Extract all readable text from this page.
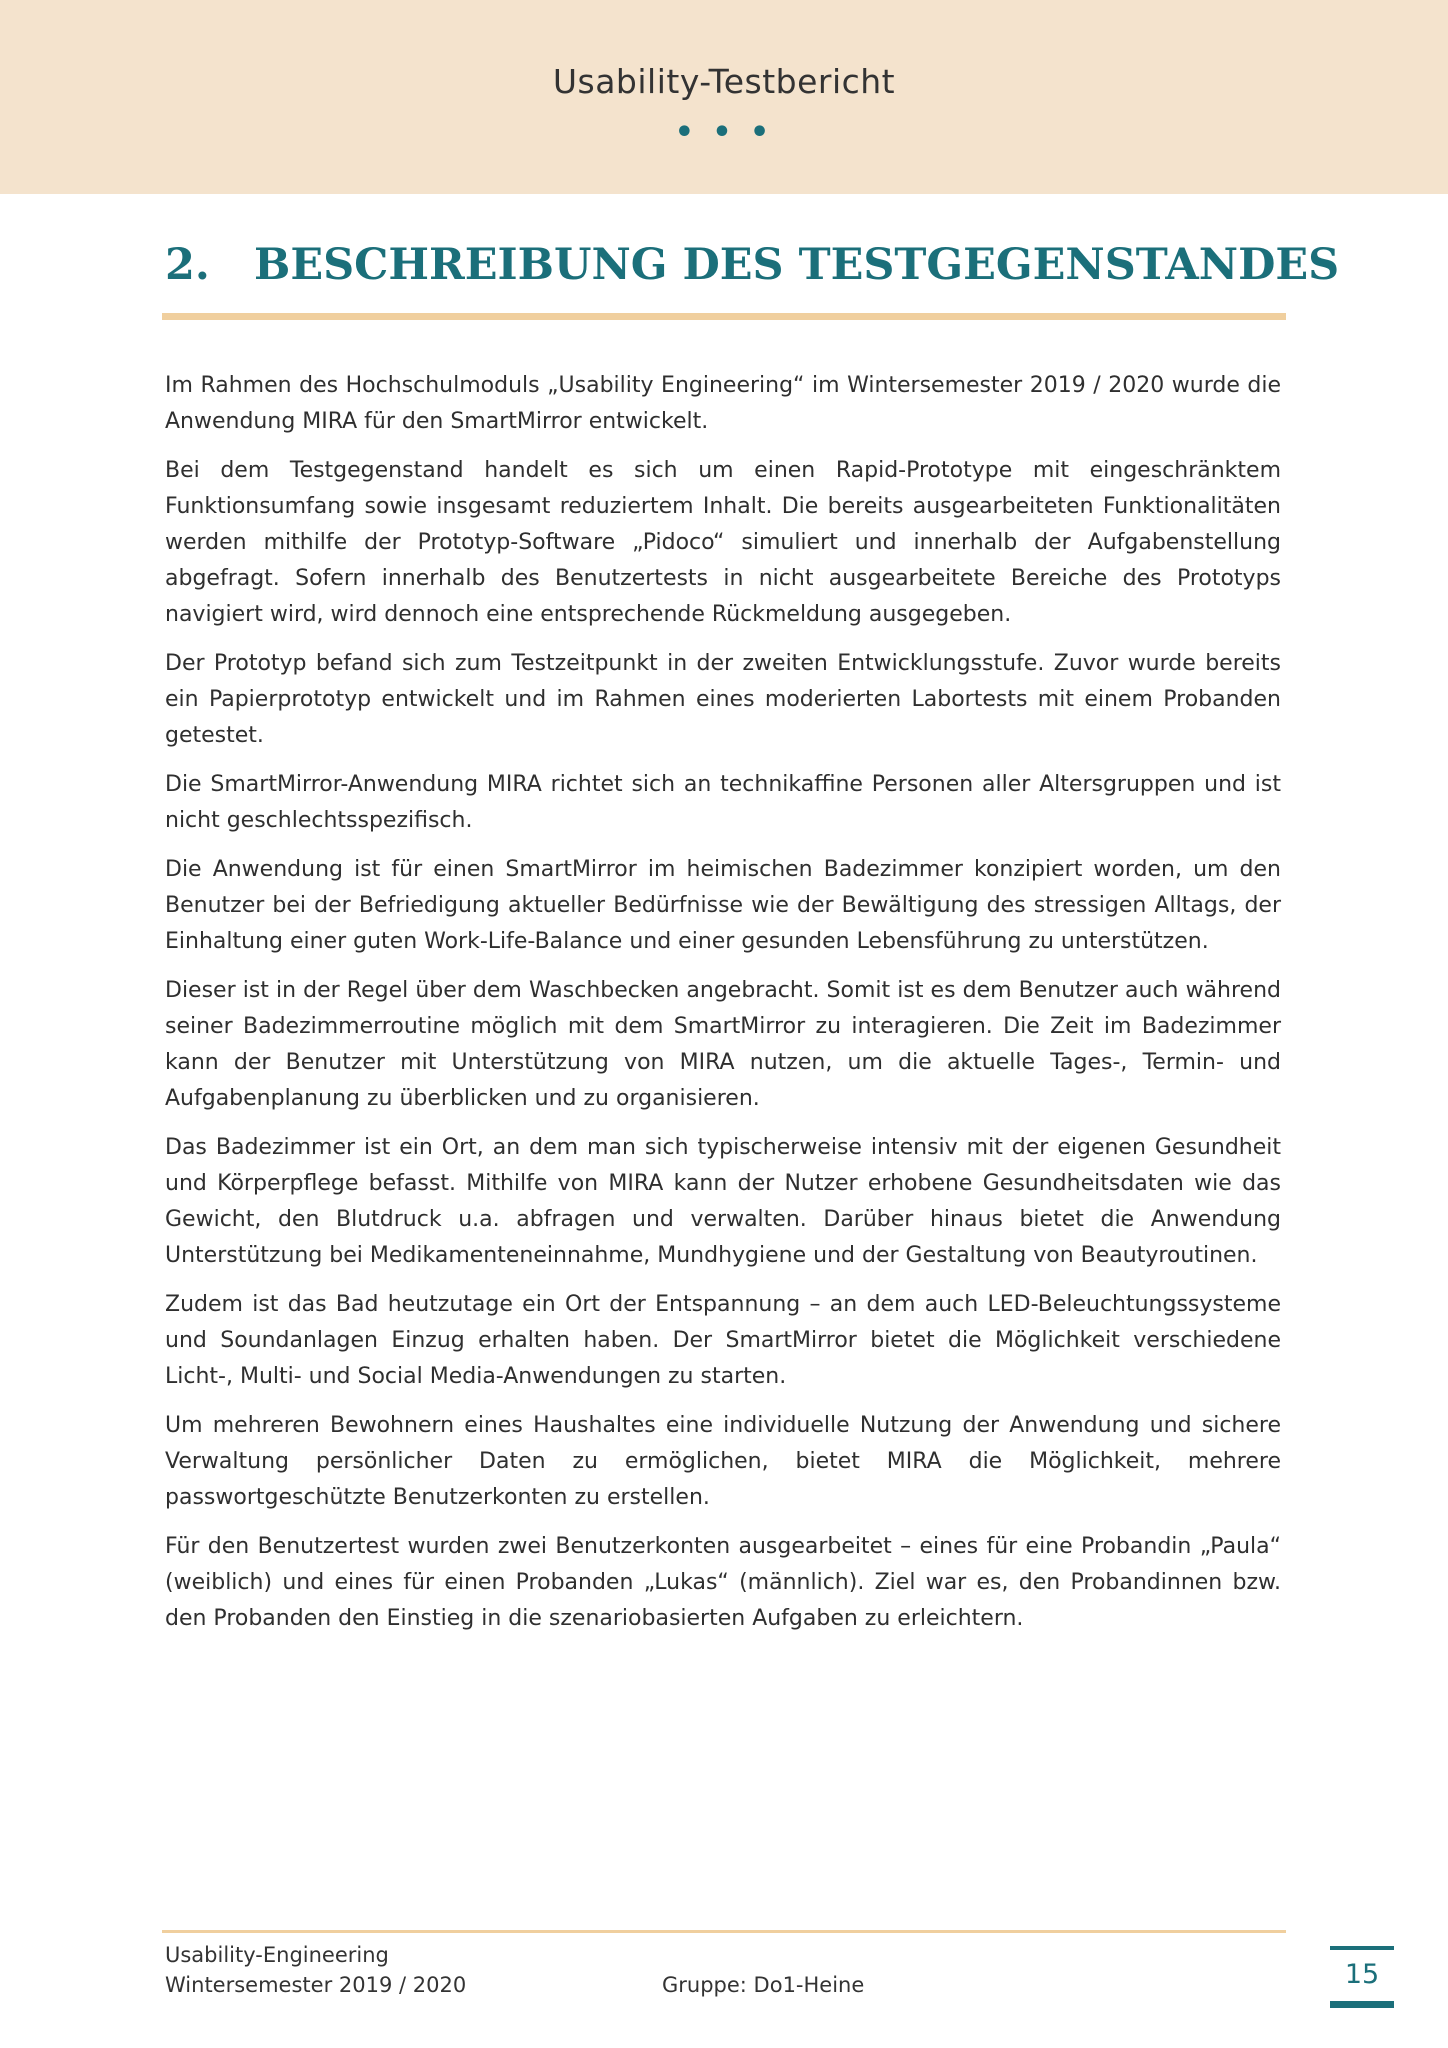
Usability-Testbericht
• • •
2. BESCHREIBUNG DES TESTGEGENSTANDES

Im Rahmen des Hochschulmoduls „Usability Engineering“ im Wintersemester 2019 / 2020 wurde die Anwendung MIRA für den SmartMirror entwickelt.

Bei dem Testgegenstand handelt es sich um einen Rapid-Prototype mit eingeschränktem Funktionsumfang sowie insgesamt reduziertem Inhalt. Die bereits ausgearbeiteten Funktionalitäten werden mithilfe der Prototyp-Software „Pidoco“ simuliert und innerhalb der Aufgabenstellung abgefragt. Sofern innerhalb des Benutzertests in nicht ausgearbeitete Bereiche des Prototyps navigiert wird, wird dennoch eine entsprechende Rückmeldung ausgegeben.

Der Prototyp befand sich zum Testzeitpunkt in der zweiten Entwicklungsstufe. Zuvor wurde bereits ein Papierprototyp entwickelt und im Rahmen eines moderierten Labortests mit einem Probanden getestet.

Die SmartMirror-Anwendung MIRA richtet sich an technikaffine Personen aller Altersgruppen und ist nicht geschlechtsspezifisch.

Die Anwendung ist für einen SmartMirror im heimischen Badezimmer konzipiert worden, um den Benutzer bei der Befriedigung aktueller Bedürfnisse wie der Bewältigung des stressigen Alltags, der Einhaltung einer guten Work-Life-Balance und einer gesunden Lebensführung zu unterstützen.

Dieser ist in der Regel über dem Waschbecken angebracht. Somit ist es dem Benutzer auch während seiner Badezimmerroutine möglich mit dem SmartMirror zu interagieren. Die Zeit im Badezimmer kann der Benutzer mit Unterstützung von MIRA nutzen, um die aktuelle Tages-, Termin- und Aufgabenplanung zu überblicken und zu organisieren.

Das Badezimmer ist ein Ort, an dem man sich typischerweise intensiv mit der eigenen Gesundheit und Körperpflege befasst. Mithilfe von MIRA kann der Nutzer erhobene Gesundheitsdaten wie das Gewicht, den Blutdruck u.a. abfragen und verwalten. Darüber hinaus bietet die Anwendung Unterstützung bei Medikamenteneinnahme, Mundhygiene und der Gestaltung von Beautyroutinen.

Zudem ist das Bad heutzutage ein Ort der Entspannung – an dem auch LED-Beleuchtungssysteme und Soundanlagen Einzug erhalten haben. Der SmartMirror bietet die Möglichkeit verschiedene Licht-, Multi- und Social Media-Anwendungen zu starten.

Um mehreren Bewohnern eines Haushaltes eine individuelle Nutzung der Anwendung und sichere Verwaltung persönlicher Daten zu ermöglichen, bietet MIRA die Möglichkeit, mehrere passwortgeschützte Benutzerkonten zu erstellen.

Für den Benutzertest wurden zwei Benutzerkonten ausgearbeitet – eines für eine Probandin „Paula“ (weiblich) und eines für einen Probanden „Lukas“ (männlich). Ziel war es, den Probandinnen bzw. den Probanden den Einstieg in die szenariobasierten Aufgaben zu erleichtern.

Usability-Engineering
Wintersemester 2019 / 2020	Gruppe: Do1-Heine	15
